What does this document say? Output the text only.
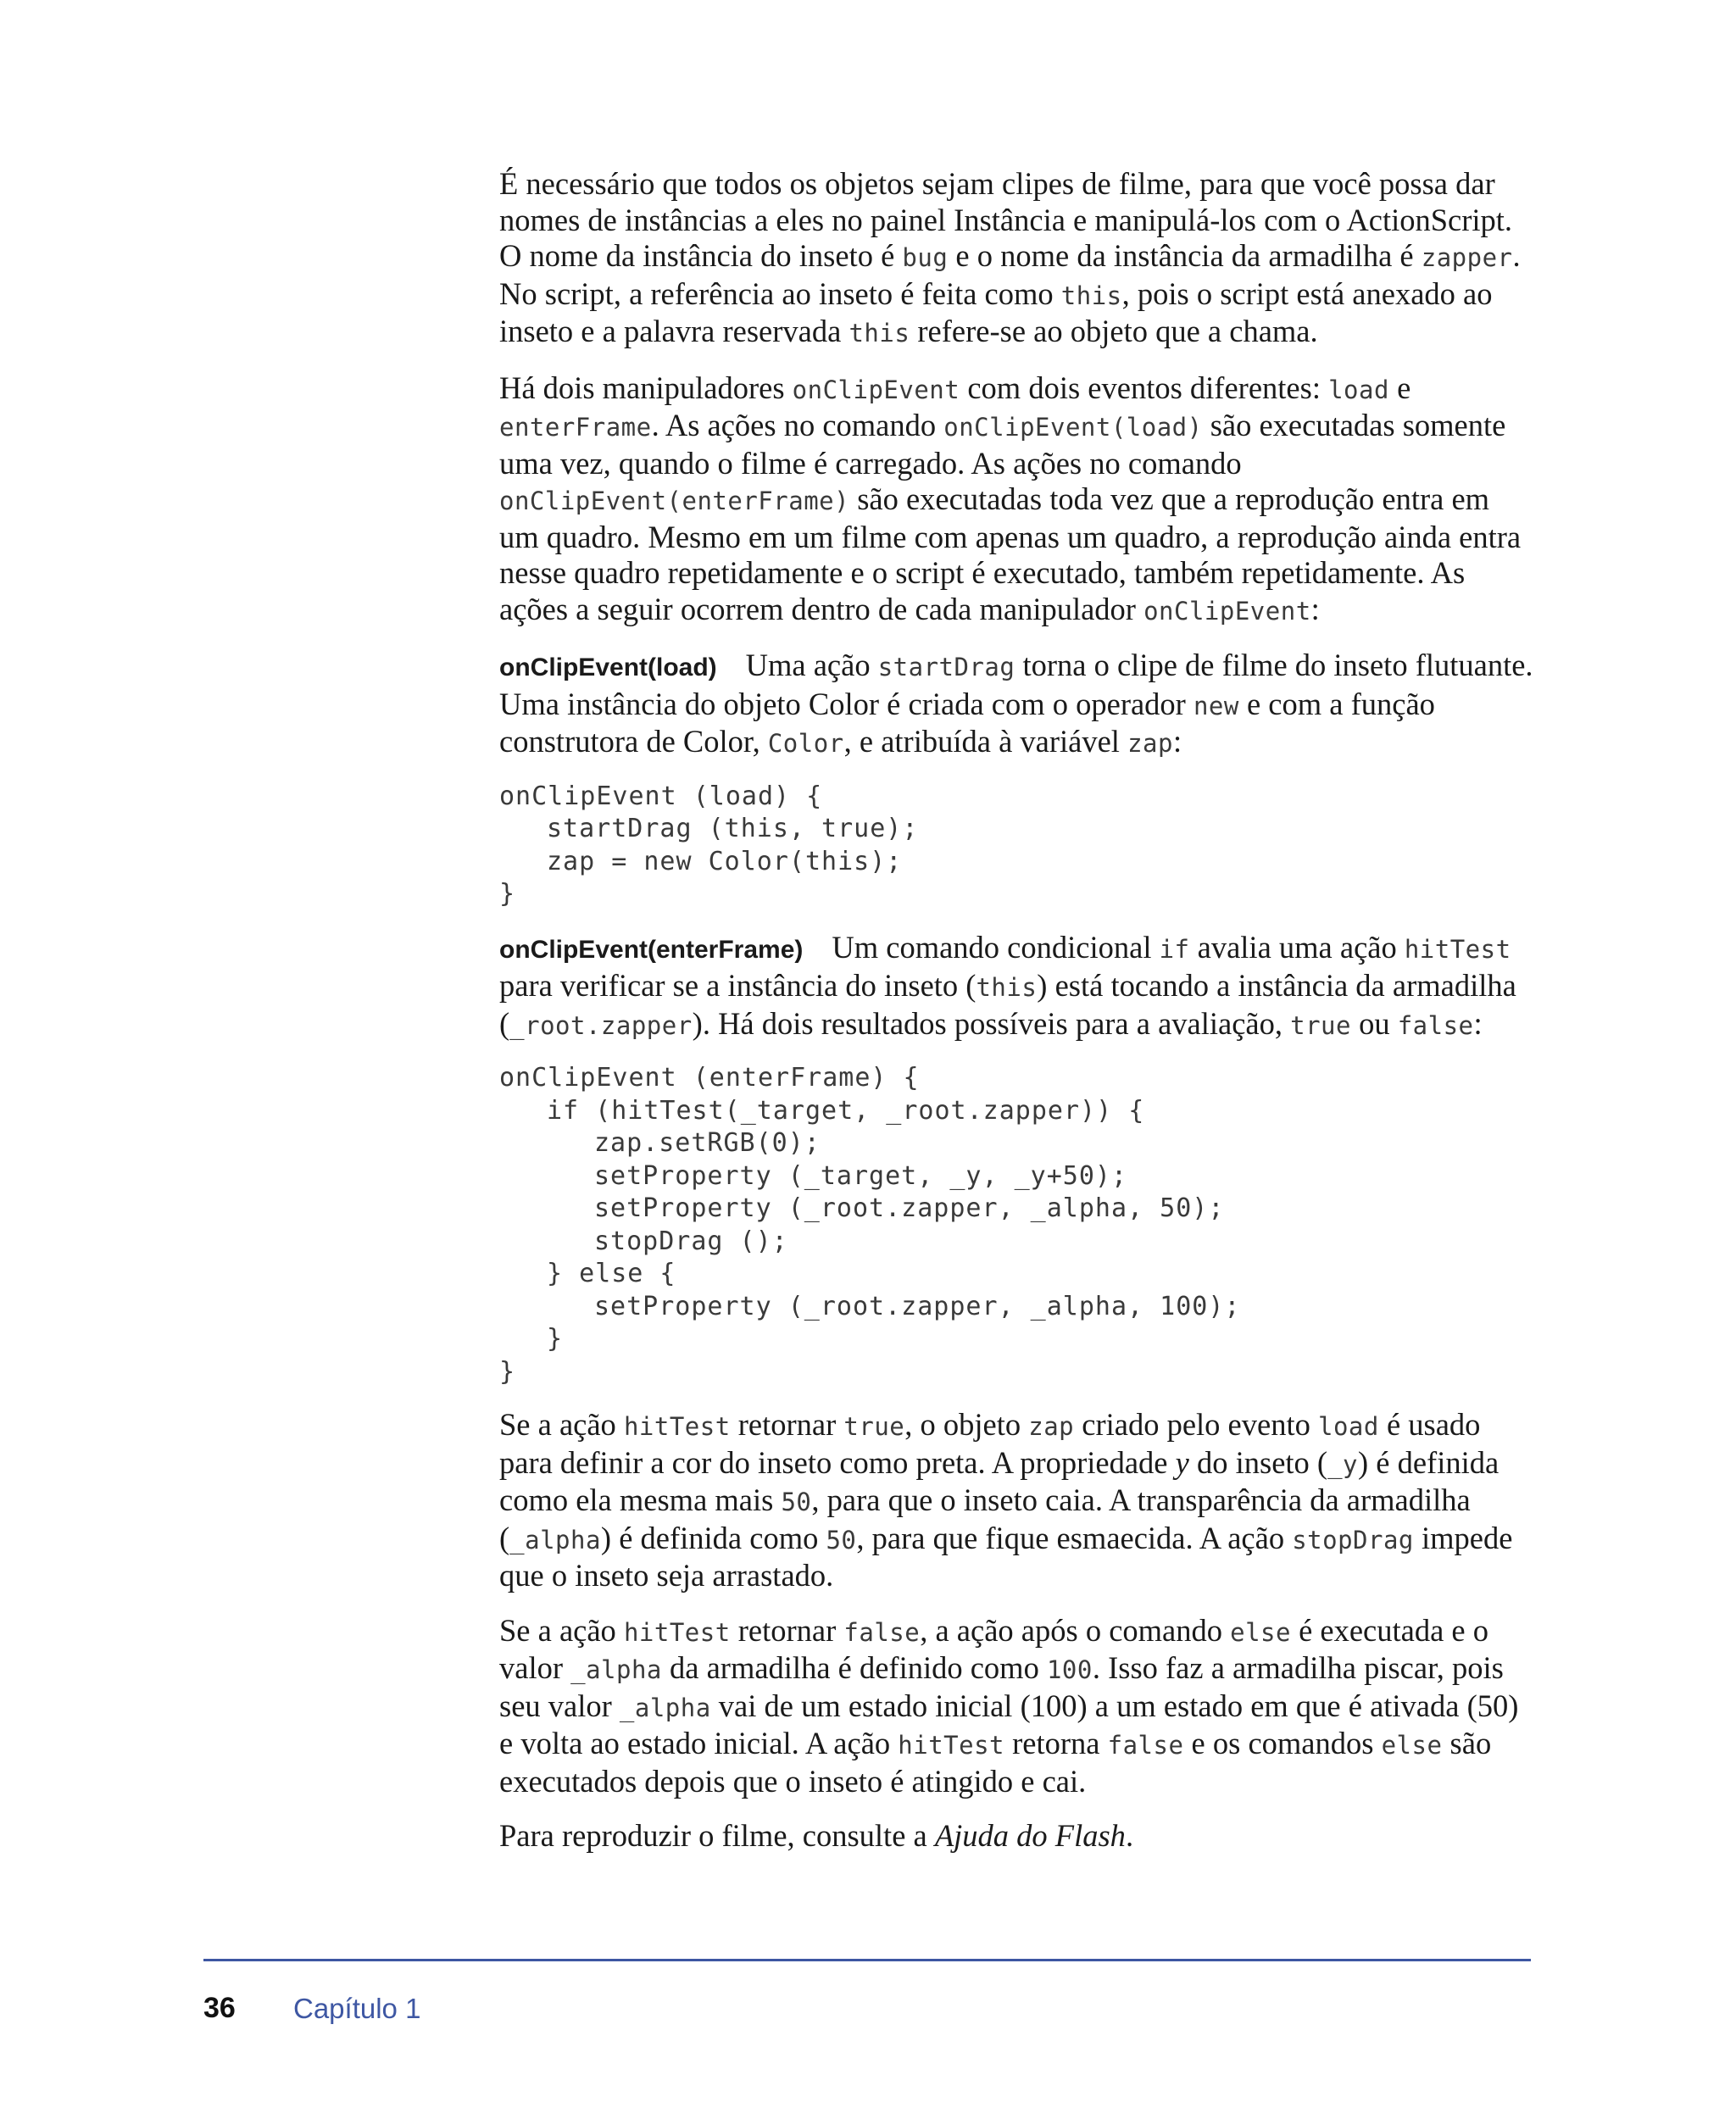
É necessário que todos os objetos sejam clipes de filme, para que você possa dar nomes de instâncias a eles no painel Instância e manipulá-los com o ActionScript. O nome da instância do inseto é bug e o nome da instância da armadilha é zapper. No script, a referência ao inseto é feita como this, pois o script está anexado ao inseto e a palavra reservada this refere-se ao objeto que a chama.

Há dois manipuladores onClipEvent com dois eventos diferentes: load e enterFrame. As ações no comando onClipEvent(load) são executadas somente uma vez, quando o filme é carregado. As ações no comando onClipEvent(enterFrame) são executadas toda vez que a reprodução entra em um quadro. Mesmo em um filme com apenas um quadro, a reprodução ainda entra nesse quadro repetidamente e o script é executado, também repetidamente. As ações a seguir ocorrem dentro de cada manipulador onClipEvent:

onClipEvent(load) Uma ação startDrag torna o clipe de filme do inseto flutuante. Uma instância do objeto Color é criada com o operador new e com a função construtora de Color, Color, e atribuída à variável zap:

onClipEvent (load) {
startDrag (this, true);
zap = new Color(this);
}

onClipEvent(enterFrame) Um comando condicional if avalia uma ação hitTest para verificar se a instância do inseto (this) está tocando a instância da armadilha (_root.zapper). Há dois resultados possíveis para a avaliação, true ou false:

onClipEvent (enterFrame) {
if (hitTest(_target, _root.zapper)) {
zap.setRGB(0);
setProperty (_target, _y, _y+50);
setProperty (_root.zapper, _alpha, 50);
stopDrag ();
} else {
setProperty (_root.zapper, _alpha, 100);
}
}

Se a ação hitTest retornar true, o objeto zap criado pelo evento load é usado para definir a cor do inseto como preta. A propriedade y do inseto (_y) é definida como ela mesma mais 50, para que o inseto caia. A transparência da armadilha (_alpha) é definida como 50, para que fique esmaecida. A ação stopDrag impede que o inseto seja arrastado.

Se a ação hitTest retornar false, a ação após o comando else é executada e o valor _alpha da armadilha é definido como 100. Isso faz a armadilha piscar, pois seu valor _alpha vai de um estado inicial (100) a um estado em que é ativada (50) e volta ao estado inicial. A ação hitTest retorna false e os comandos else são executados depois que o inseto é atingido e cai.

Para reproduzir o filme, consulte a Ajuda do Flash.

36 Capítulo 1
